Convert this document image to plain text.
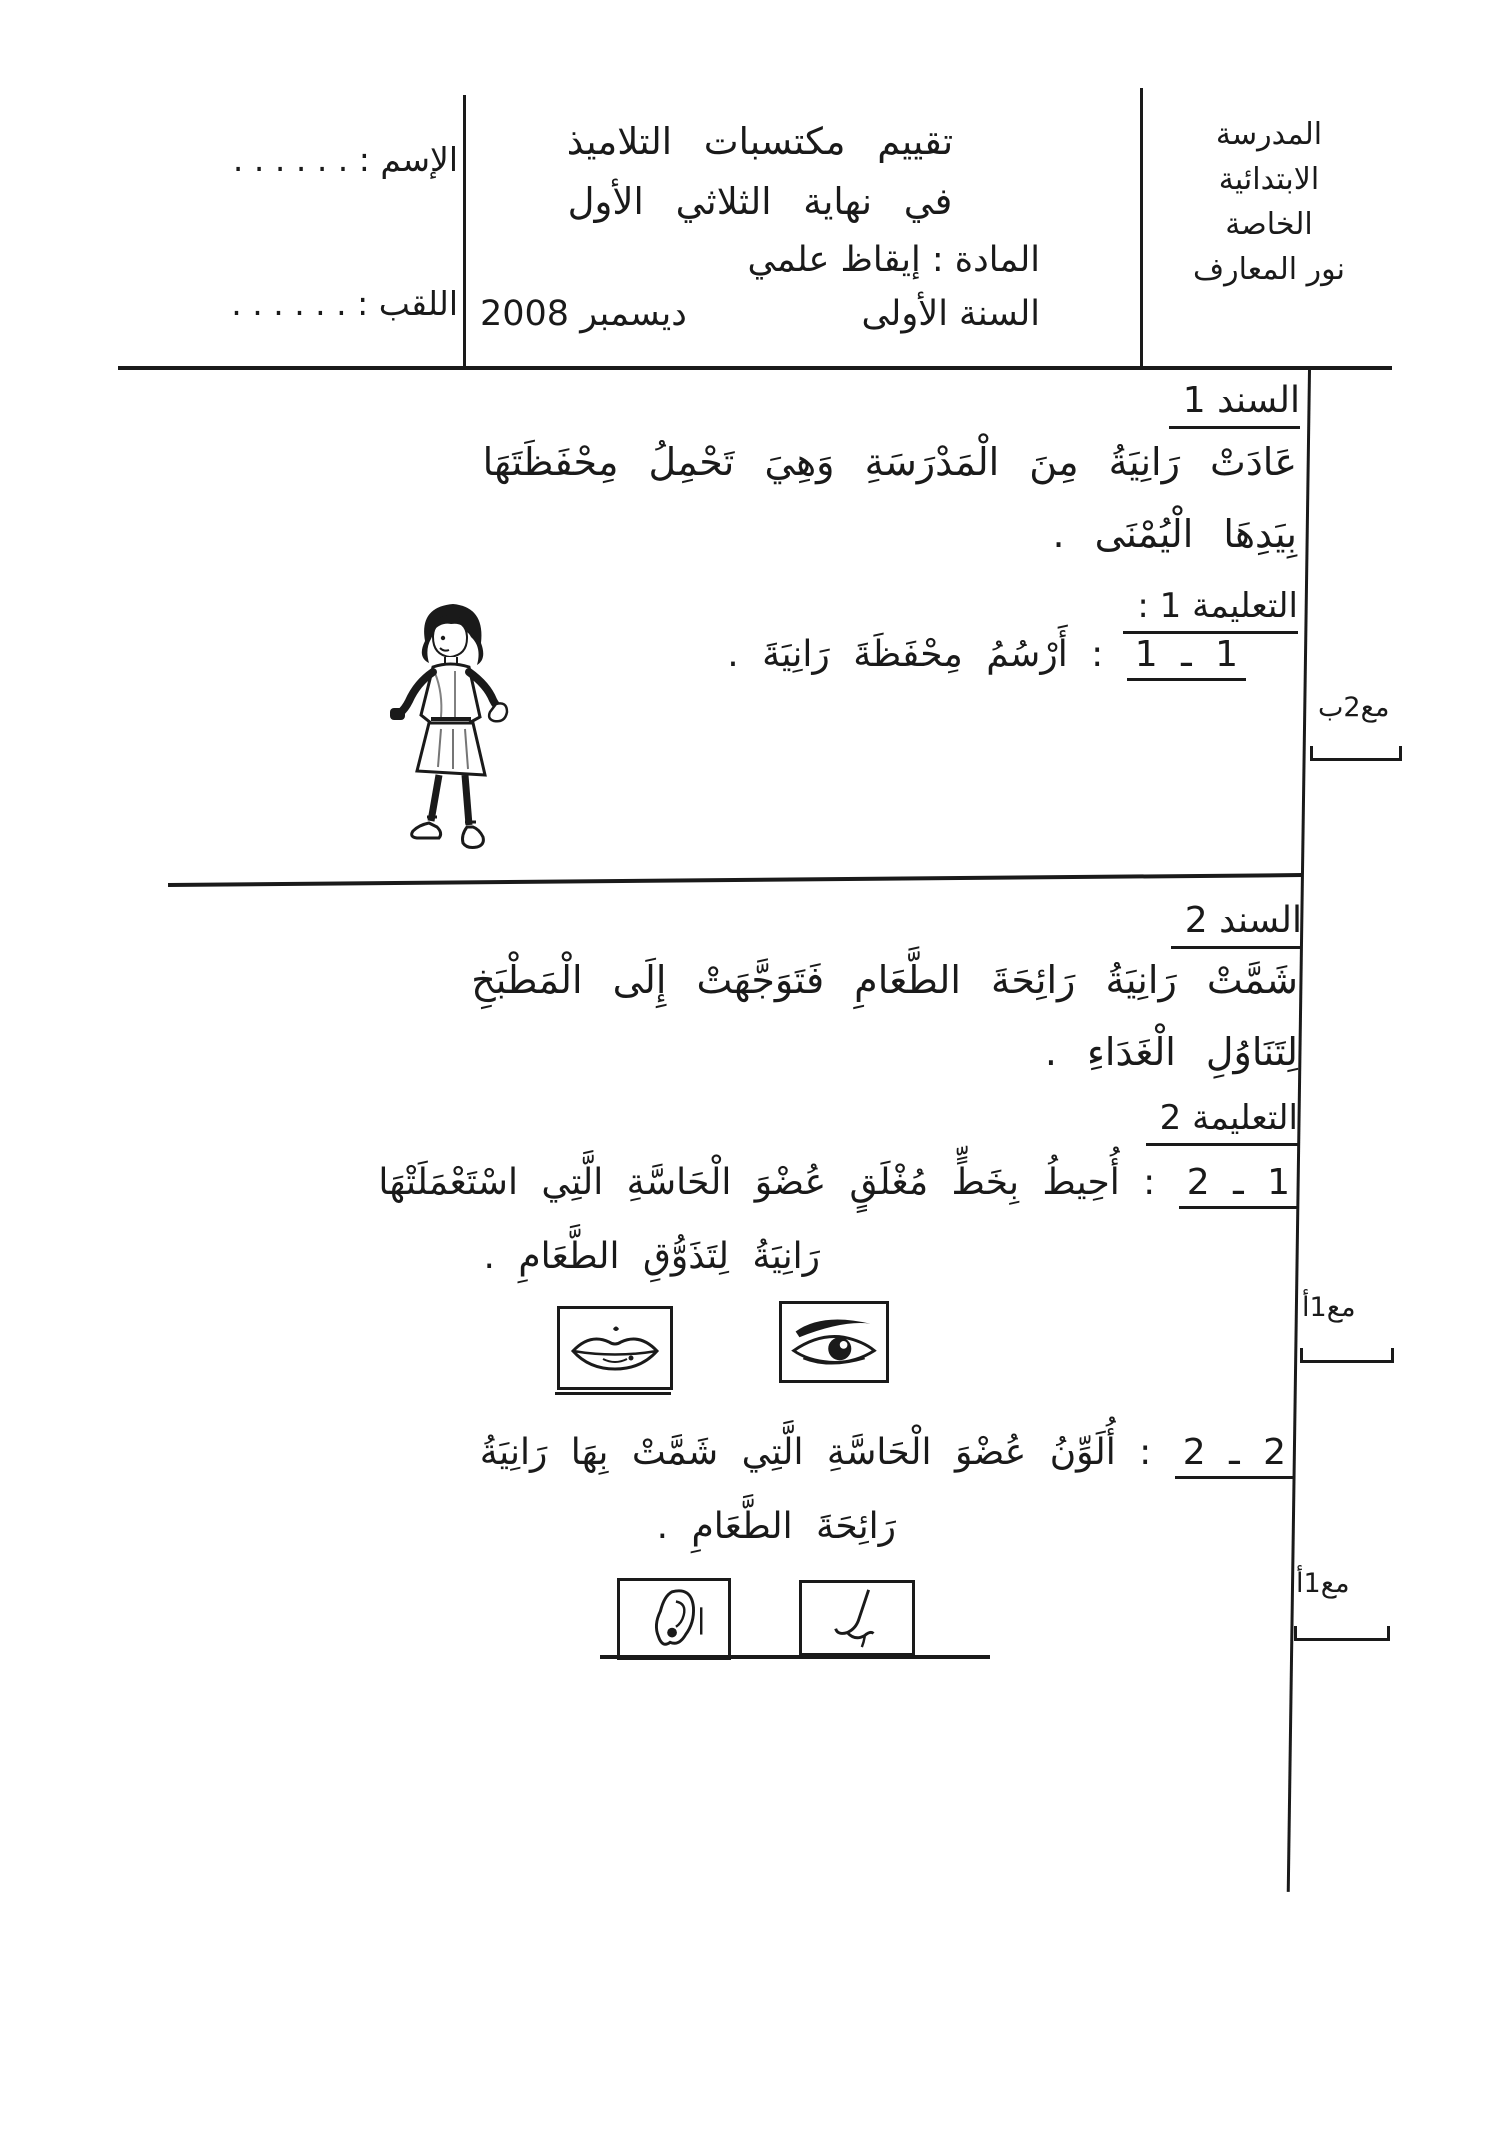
المدرسة
الابتدائية
الخاصة
نور المعارف
تقييم مكتسبات التلاميذ
في نهاية الثلاثي الأول
المادة : إيقاظ علمي
السنة الأولى
ديسمبر 2008
الإسم : . . . . . .
اللقب : . . . . . .
السند 1
عَادَتْ رَانِيَةُ مِنَ الْمَدْرَسَةِ وَهِيَ تَحْمِلُ مِحْفَظَتَهَا
بِيَدِهَا الْيُمْنَى .
التعليمة 1 :
1 ـ 1 : أَرْسُمُ مِحْفَظَةَ رَانِيَةَ .
مع2ب
السند 2
شَمَّتْ رَانِيَةُ رَائِحَةَ الطَّعَامِ فَتَوَجَّهَتْ إِلَى الْمَطْبَخِ
لِتَنَاوُلِ الْغَدَاءِ .
التعليمة 2
1 ـ 2 : أُحِيطُ بِخَطٍّ مُغْلَقٍ عُضْوَ الْحَاسَّةِ الَّتِي اسْتَعْمَلَتْهَا
رَانِيَةُ لِتَذَوُّقِ الطَّعَامِ .
مع1أ
2 ـ 2 : أُلَوِّنُ عُضْوَ الْحَاسَّةِ الَّتِي شَمَّتْ بِهَا رَانِيَةُ
رَائِحَةَ الطَّعَامِ .
مع1أ
